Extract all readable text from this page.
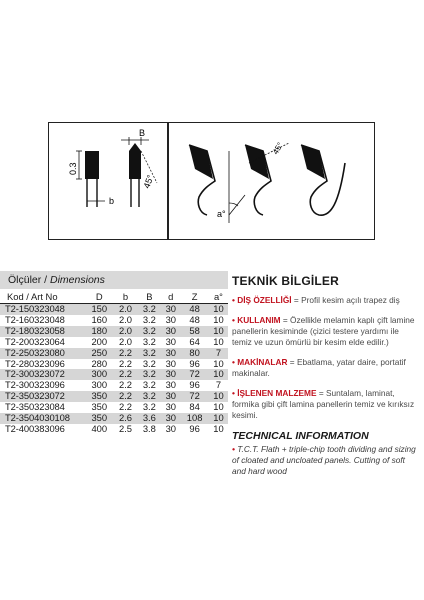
0.3
b
B
45°
45°
a°
Ölçüler /
Dimensions
Kod / Art No	D	b	B	d	Z	a°
T2-150323048	150	2.0	3.2	30	48	10
T2-160323048	160	2.0	3.2	30	48	10
T2-180323058	180	2.0	3.2	30	58	10
T2-200323064	200	2.0	3.2	30	64	10
T2-250323080	250	2.2	3.2	30	80	7
T2-280323096	280	2.2	3.2	30	96	10
T2-300323072	300	2.2	3.2	30	72	10
T2-300323096	300	2.2	3.2	30	96	7
T2-350323072	350	2.2	3.2	30	72	10
T2-350323084	350	2.2	3.2	30	84	10
T2-3504030108	350	2.6	3.6	30	108	10
T2-400383096	400	2.5	3.8	30	96	10
TEKNİK BİLGİLER

• DİŞ ÖZELLİĞİ = Profil kesim açılı trapez diş

• KULLANIM = Özellikle melamin kaplı çift lamine panellerin kesiminde (çizici testere yardımı ile temiz ve uzun ömürlü bir kesim elde edilir.)

• MAKİNALAR = Ebatlama, yatar daire, portatif makinalar.

• İŞLENEN MALZEME = Suntalam, laminat, formika gibi çift lamina panellerin temiz ve kırıksız kesimi.

TECHNICAL INFORMATION

• T.C.T. Flath + triple-chip tooth dividing and sizing of cloated and uncloated panels. Cutting of soft and hard wood
